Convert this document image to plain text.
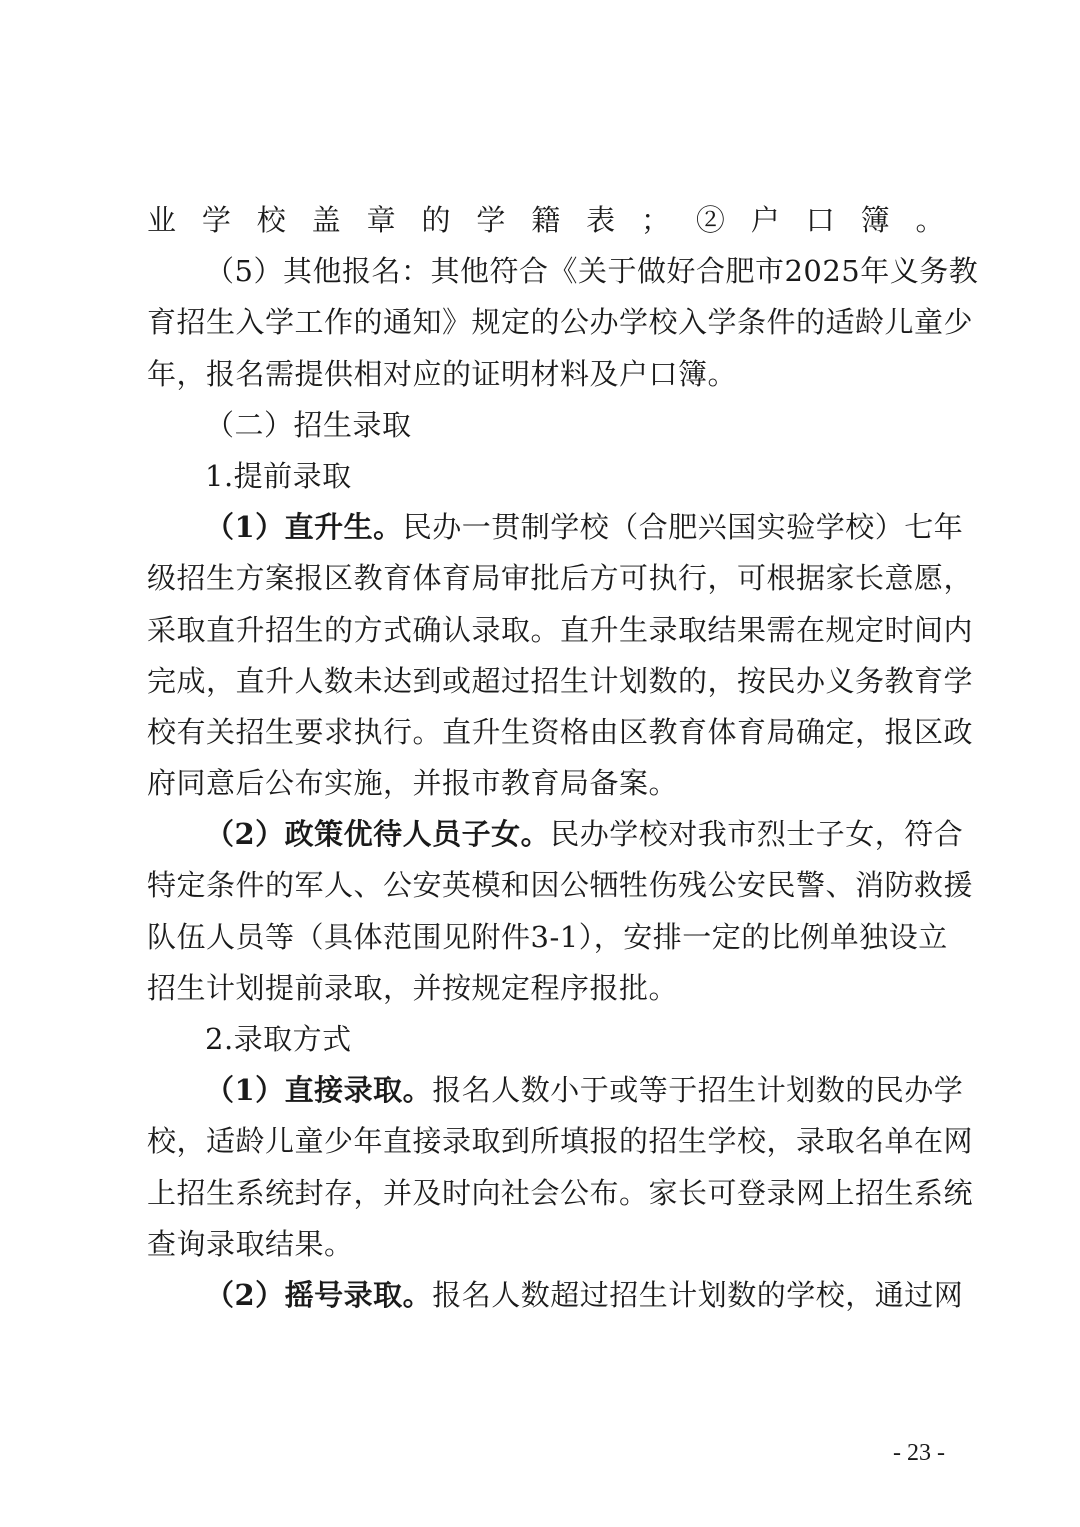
业学校盖章的学籍表；②户口簿。
（5）其他报名：其他符合《关于做好合肥市2025年义务教
育招生入学工作的通知》规定的公办学校入学条件的适龄儿童少
年，报名需提供相对应的证明材料及户口簿。
（二）招生录取
1.提前录取
（1）直升生。民办一贯制学校（合肥兴国实验学校）七年
级招生方案报区教育体育局审批后方可执行，可根据家长意愿，
采取直升招生的方式确认录取。直升生录取结果需在规定时间内
完成，直升人数未达到或超过招生计划数的，按民办义务教育学
校有关招生要求执行。直升生资格由区教育体育局确定，报区政
府同意后公布实施，并报市教育局备案。
（2）政策优待人员子女。民办学校对我市烈士子女，符合
特定条件的军人、公安英模和因公牺牲伤残公安民警、消防救援
队伍人员等（具体范围见附件3-1），安排一定的比例单独设立
招生计划提前录取，并按规定程序报批。
2.录取方式
（1）直接录取。报名人数小于或等于招生计划数的民办学
校，适龄儿童少年直接录取到所填报的招生学校，录取名单在网
上招生系统封存，并及时向社会公布。家长可登录网上招生系统
查询录取结果。
（2）摇号录取。报名人数超过招生计划数的学校，通过网
- 23 -
